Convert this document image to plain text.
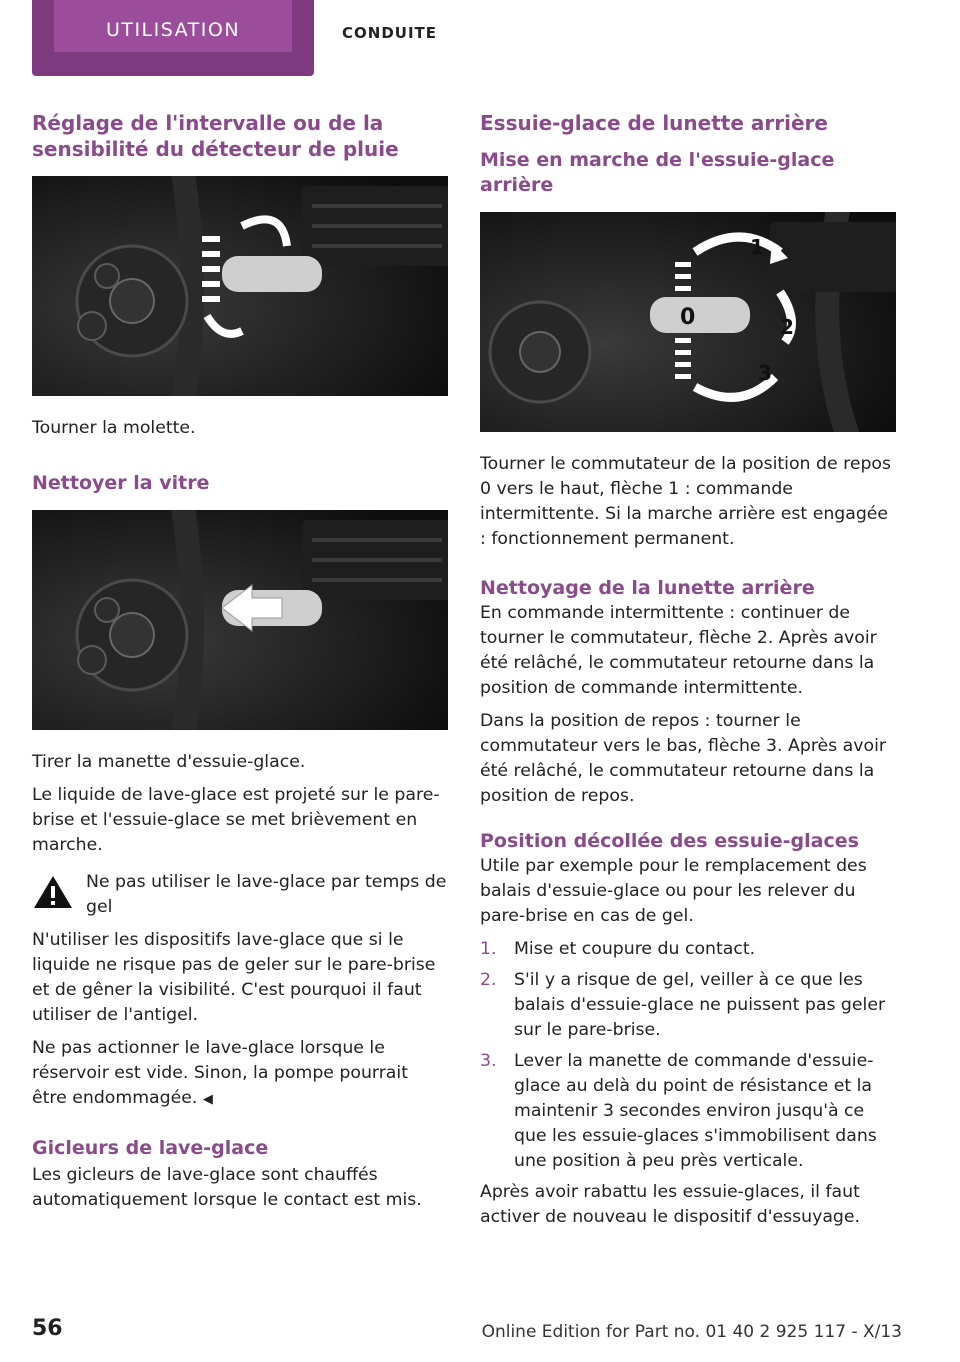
UTILISATION	CONDUITE
Réglage de l'intervalle ou de la sensibilité du détecteur de pluie

Tourner la molette.

Nettoyer la vitre

Tirer la manette d'essuie-glace.

Le liquide de lave-glace est projeté sur le pare-brise et l'essuie-glace se met brièvement en marche.

Ne pas utiliser le lave-glace par temps de gel

N'utiliser les dispositifs lave-glace que si le liquide ne risque pas de geler sur le pare-brise et de gêner la visibilité. C'est pourquoi il faut utiliser de l'antigel.

Ne pas actionner le lave-glace lorsque le réservoir est vide. Sinon, la pompe pourrait être endommagée. ◀

Gicleurs de lave-glace

Les gicleurs de lave-glace sont chauffés automatiquement lorsque le contact est mis.

Essuie-glace de lunette arrière
Mise en marche de l'essuie-glace arrière
0
1
2
3

Tourner le commutateur de la position de repos 0 vers le haut, flèche 1 : commande intermittente. Si la marche arrière est engagée : fonctionnement permanent.

Nettoyage de la lunette arrière

En commande intermittente : continuer de tourner le commutateur, flèche 2. Après avoir été relâché, le commutateur retourne dans la position de commande intermittente.

Dans la position de repos : tourner le commutateur vers le bas, flèche 3. Après avoir été relâché, le commutateur retourne dans la position de repos.

Position décollée des essuie-glaces

Utile par exemple pour le remplacement des balais d'essuie-glace ou pour les relever du pare-brise en cas de gel.

1. Mise et coupure du contact.
2. S'il y a risque de gel, veiller à ce que les balais d'essuie-glace ne puissent pas geler sur le pare-brise.
3. Lever la manette de commande d'essuie-glace au delà du point de résistance et la maintenir 3 secondes environ jusqu'à ce que les essuie-glaces s'immobilisent dans une position à peu près verticale.

Après avoir rabattu les essuie-glaces, il faut activer de nouveau le dispositif d'essuyage.

56	Online Edition for Part no. 01 40 2 925 117 - X/13
